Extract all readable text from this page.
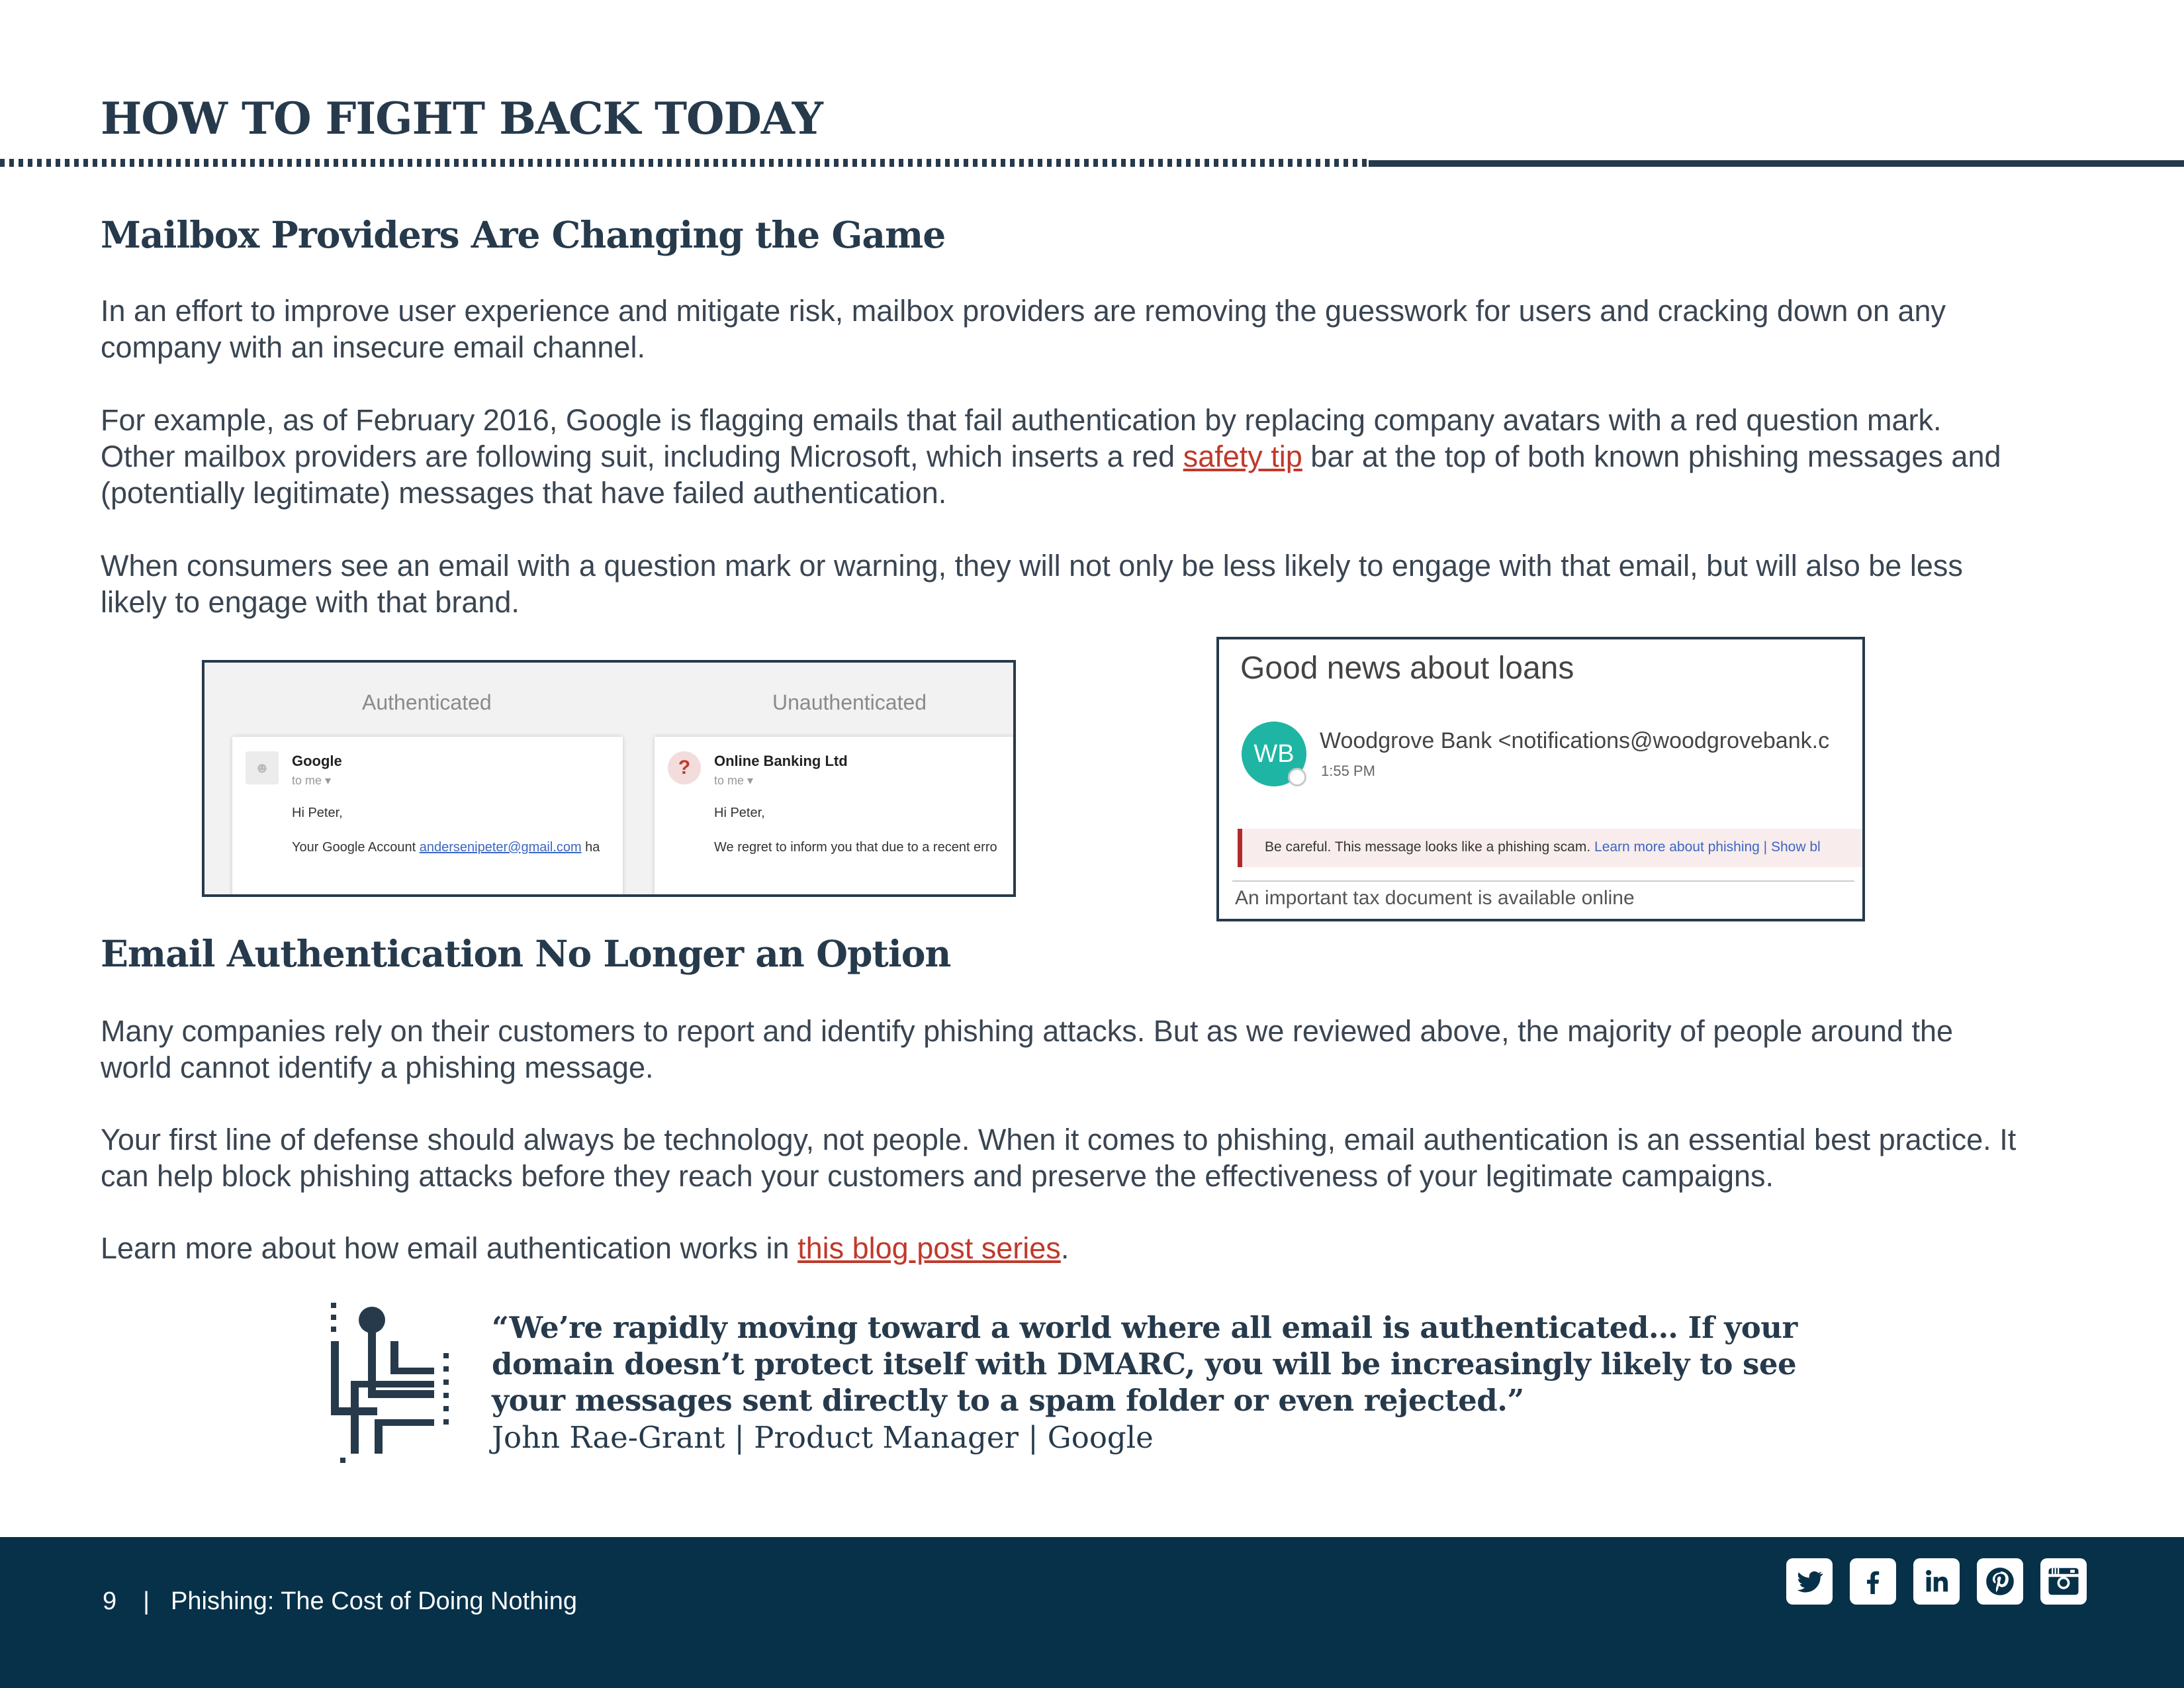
HOW TO FIGHT BACK TODAY
Mailbox Providers Are Changing the Game

In an effort to improve user experience and mitigate risk, mailbox providers are removing the guesswork for users and cracking down on any company with an insecure email channel.

For example, as of February 2016, Google is flagging emails that fail authentication by replacing company avatars with a red question mark. Other mailbox providers are following suit, including Microsoft, which inserts a red safety tip bar at the top of both known phishing messages and (potentially legitimate) messages that have failed authentication.

When consumers see an email with a question mark or warning, they will not only be less likely to engage with that email, but will also be less likely to engage with that brand.

Authenticated	Unauthenticated
☻	Google
to me ▾
Hi Peter,
Your Google Account andersenipeter@gmail.com ha
?	Online Banking Ltd
to me ▾
Hi Peter,
We regret to inform you that due to a recent erro
Good news about loans
WB	Woodgrove Bank <notifications@woodgrovebank.c
1:55 PM
Be careful. This message looks like a phishing scam. Learn more about phishing | Show bl
An important tax document is available online
Email Authentication No Longer an Option

Many companies rely on their customers to report and identify phishing attacks. But as we reviewed above, the majority of people around the world cannot identify a phishing message.

Your first line of defense should always be technology, not people. When it comes to phishing, email authentication is an essential best practice. It can help block phishing attacks before they reach your customers and preserve the effectiveness of your legitimate campaigns.

Learn more about how email authentication works in this blog post series.

“We’re rapidly moving toward a world where all email is authenticated… If your domain doesn’t protect itself with DMARC, you will be increasingly likely to see your messages sent directly to a spam folder or even rejected.”
John Rae-Grant | Product Manager | Google
9 | Phishing: The Cost of Doing Nothing
